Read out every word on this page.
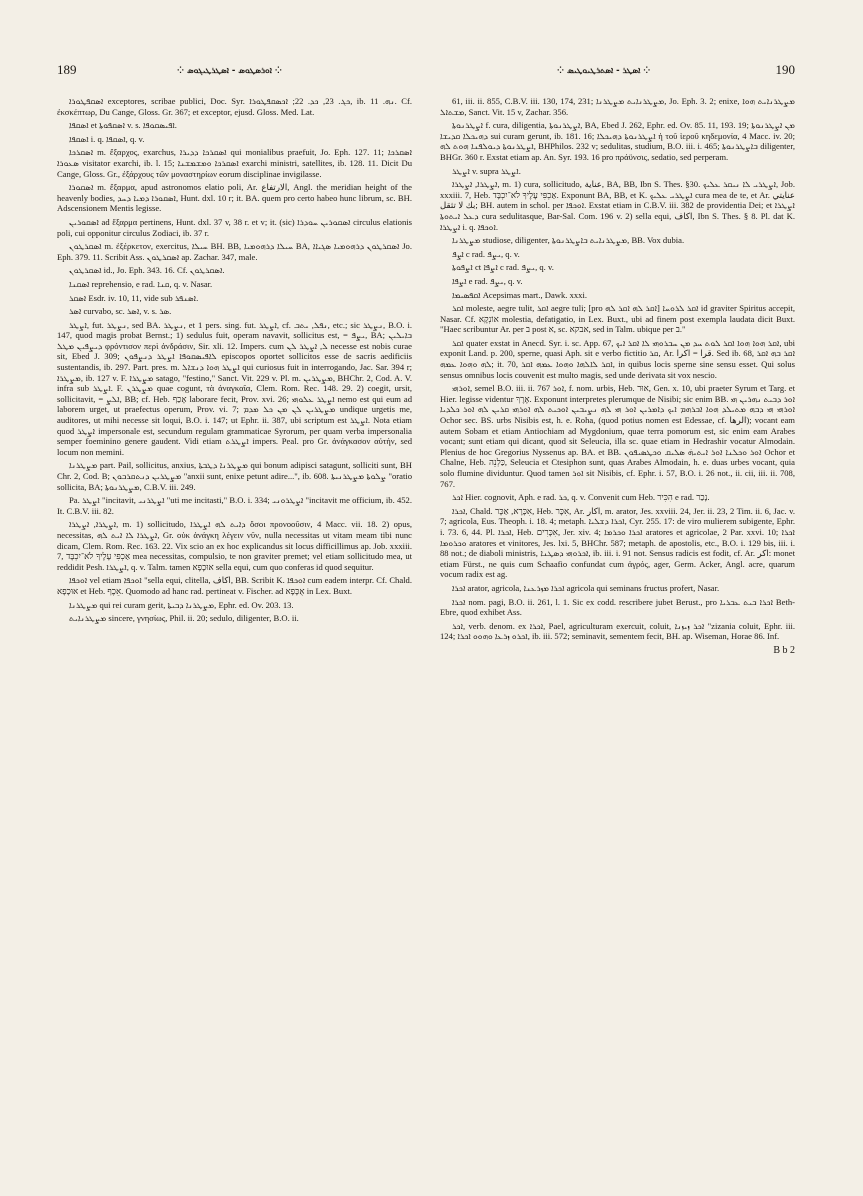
189	⁘ ܐܘܪܣܛܘܣ - ܐܣܛܪܛܝܓܘܣ ⁘	⁘ ܐܣܛܪ - ܐܣܬܪܛܝܘܛܝܣ ⁘	190

ܐܣܩܦܛܘܪܐ exceptores, scribae publici, Doc. Syr. ܟܓ. 23, ܟܕ. 22; ܐܟܣܩܦܛܘܪܐ, ib. ܢܗ. 11. Cf. ἐκσκέπτωρ, Du Cange, Gloss. Gr. 367; et exceptor, ejusd. Gloss. Med. Lat.

ܐܣܩܦܐ et ܐܣܩܦܘܬܐ v. s. ܐܦܝܣܩܘܦܐ.

ܐܣܩܦܐ i. q. ܐܣܩܦܐ, q. v.

ܐܣܩܪܟܐ m. ἔξαρχος, exarchus, ܐܣܩܪܟܐ ܕܕܝܪܐ qui monialibus praefuit, Jo. Eph. 127. 11; ܐܣܩܪܟܐ ܣܥܘܪܐ visitator exarchi, ib. l. 15; ܐܣܩܪܟܐ ܘܡܫܡܫܢܐ exarchi ministri, satellites, ib. 128. 11. Dicit Du Cange, Gloss. Gr., ἐξάρχους τῶν μοναστηρίων eorum disciplinae invigilasse.

ܐܣܩܘܪܐ m. ἔξαρμα, apud astronomos elatio poli, Ar. الارتفاع, Angl. the meridian height of the heavenly bodies, ܐܣܩܘܪܐ ܕܡܝܐ ܕܚܕ, Hunt. dxl. 10 r; it. BA. quem pro certo habeo hunc librum, sc. BH. Adscensionem Mentis legisse.

ܐܣܩܘܪܝܢ ad ἔξαρμα pertinens, Hunt. dxl. 37 v, 38 r. et v; it. (sic) ܐܣܩܘܪܝܢ ܚܘܕܪܐ circulus elationis poli, cui opponitur circulus Zodiaci, ib. 37 r.

ܐܣܩܪܛܘܢ m. ἐξέρκετον, exercitus, ܚܝܠܐ BH. BB, ܚܝܠܐ ܕܪܗܘܡܝܐ BA, ܐܣܩܪܛܘܢ ܕܪܗܘܡܝܐ ܣܓܝܐܐ Jo. Eph. 379. 11. Scribit Ass. ܐܣܩܪܛܘܢ ap. Zachar. 347, male.

ܐܣܩܪܛܘܢ id., Jo. Eph. 343. 16. Cf. ܐܣܩܪܛܘܢ.

ܐܣܩܢܐ reprehensio, e rad. ܩܢܐ, q. v. Nasar.

ܐܣܩܪ Esdr. iv. 10, 11, vide sub ܐܣܢܦܪ.

ܐܣܪ curvabo, sc. ܐܣܪ, v. s. ܣܪ.

ܐܨܛܪ, fut. ܢܨܛܪ, sed BA. ܢܨܛܪ, et 1 pers. sing. fut. ܐܨܛܪ, cf. ܢܦܠ, ܝܬܒ, etc.; sic ܢܨܛܪ, B.O. i. 147, quod magis probat Bernst.; 1) sedulus fuit, operam navavit, sollicitus est, = ܝܨܦ, BA; ܒܐܝܠܝܢ ܕܝܨܦܝܢ ܡܛܠ φρόντισον περὶ ἀνδράσιν, Sir. xli. 12. Impers. cum ܠ, ܐܨܛܪ ܠܢ necesse est nobis curae sit, Ebed J. 309; ܠܐܦܝܣܩܘܦܐ ܐܨܛܪ ܕܢܨܦܘܢ episcopos oportet sollicitos esse de sacris aedificiis sustentandis, ib. 297. Part. pres. m. ܐܨܛܪ ܗܘܐ ܕܢܫܐܠ qui curiosus fuit in interrogando, Jac. Sar. 394 r; ܡܨܛܪܐ, ib. 127 v. F. ܡܨܛܪܐ satago, "festino," Sanct. Vit. 229 v. Pl. m. ܡܨܛܪܝܢ, BHChr. 2, Cod. A. V. infra sub ܐܨܛܪ. F. ܡܨܛܪܢ quae cogunt, τὰ ἀναγκαῖα, Clem. Rom. Rec. 148. 29. 2) coegit, ursit, sollicitavit, = ܐܠܨ, BB; cf. Heb. אָכַף laborare fecit, Prov. xvi. 26; ܐܨܛܪ ܥܠܘܗܝ nemo est qui eum ad laborem urget, ut praefectus operum, Prov. vi. 7; ܡܨܛܪܝܢ ܠܢ ܡܢ ܟܠ ܡܕܡ undique urgetis me, auditores, ut mihi necesse sit loqui, B.O. i. 147; ut Ephr. ii. 387, ubi scriptum est ܐܨܛܪ. Nota etiam quod ܐܨܛܪ impersonale est, secundum regulam grammaticae Syrorum, per quam verba impersonalia semper foeminino genere gaudent. Vidi etiam ܐܨܛܪܬ impers. Peal. pro Gr. ἀνάγκασον αὐτήν, sed locum non memini.

ܡܨܛܪܢܐ part. Pail, sollicitus, anxius, ܡܨܛܪܢܐ ܕܛܒܬܐ qui bonum adipisci satagunt, solliciti sunt, BH Chr. 2, Cod. B; ܡܨܛܪܝܢ ܕܢܬܩܪܒܘܢ "anxii sunt, enixe petunt adire...", ib. 608. ܨܠܘܬܐ ܡܨܛܪܢܝܬܐ "oratio sollicita, BA; ܡܨܛܪܢܘܬܐ, C.B.V. iii. 249.

Pa. ܐܨܛܪ "incitavit, ܐܨܛܪܢܝ "uti me incitasti," B.O. i. 334; ܐܨܛܪܘܢܝ "incitavit me officium, ib. 452. It. C.B.V. iii. 82.

ܐܨܛܪܐ, ܐܨܛܪܐ, m. 1) sollicitudo, ܕܐܝܬ ܠܗ ܐܨܛܪܐ ὅσοι προνοοῦσιν, 4 Macc. vii. 18. 2) opus, necessitas, ܐܨܛܪܐ ܠܐ ܐܝܬ ܠܗ, Gr. οὐκ ἀνάγκη λέγειν νῦν, nulla necessitas ut vitam meam tibi nunc dicam, Clem. Rom. Rec. 163. 22. Vix scio an ex hoc explicandus sit locus difficillimus ap. Job. xxxiii. 7, אַכְפִּי עָלֶיךָ לֹא־יִכְבָּד mea necessitas, compulsio, te non graviter premet; vel etiam sollicitudo mea, ut reddidit Pesh. ܐܨܛܪܐ, q. v. Talm. tamen אוּכָפָא sella equi, cum quo conferas id quod sequitur.

ܐܘܟܦܐ vel etiam ܐܘܟܦܐ "sella equi, clitella, اكاف, BB. Scribit K. ܐܘܟܦܐ cum eadem interpr. Cf. Chald. אוּכָפָא et Heb. אֵכֶף. Quomodo ad hanc rad. pertineat v. Fischer. ad אֻכָּפָא in Lex. Buxt.

ܡܨܛܪܢܐ qui rei curam gerit, ܡܨܛܪܢܐ ܕܒܝܬܐ, Ephr. ed. Ov. 203. 13.

ܡܨܛܪܢܐܝܬ sincere, γνησίως, Phil. ii. 20; sedulo, diligenter, B.O. ii.

61, iii. ii. 855, C.B.V. iii. 130, 174, 231; ܡܨܛܪܢܐܝܬ ܡܨܛܪܢܐ, Jo. Eph. 3. 2; enixe, ܡܨܛܪܢܐܝܬ ܗܘܐ ܡܫܬܐܠ, Sanct. Vit. 15 v, Zachar. 356.

ܐܨܛܪܢܘܬܐ f. cura, diligentia, ܐܨܛܪܢܘܬܐ, BA, Ebed J. 262, Ephr. ed. Ov. 85. 11, 193. 19; ܡܢ ܐܨܛܪܢܘܬܐ ܕܗܝܟܠܐ ܩܕܝܫܐ sui curam gerunt, ib. 181. 16; ܐܨܛܪܢܘܬܐ ܕܗܝܟܠܐ ἡ τοῦ ἱεροῦ κηδεμονία, 4 Macc. iv. 20; ܐܨܛܪܢܘܬܐ ܕܝܘܠܦܢܐ ܗܘܬ ܠܗ, BHPhilos. 232 v; sedulitas, studium, B.O. iii. i. 465; ܒܐܨܛܪܢܘܬܐ diligenter, BHGr. 360 r. Exstat etiam ap. An. Syr. 193. 16 pro πράϋνσις, sedatio, sed perperam.

ܐܨܛܪ v. supra ܐܨܛܪ.

ܐܨܛܪܐ, ܐܨܛܪܐ, m. 1) cura, sollicitudo, عناية, BA, BB, Ibn S. Thes. §30. ܐܨܛܪܝ ܠܐ ܢܝܩܪ ܥܠܝܟ, Job. xxxiii. 7, Heb. אַכְפִּי עָלֶיךָ לֹא־יִכְבָּד. Exponunt BA, BB, et K. ܐܨܛܪܝ ܥܠܝܟ cura mea de te, et Ar. عنايتي بك لا تثقل; BH. autem in schol. per ܐܘܟܦܐ. Exstat etiam in C.B.V. iii. 382 de providentia Dei; et ܐܨܛܪܐ ܕܥܠ ܐܝܬܘܬܐ cura sedulitasque, Bar-Sal. Com. 196 v. 2) sella equi, اكاف, Ibn S. Thes. § 8. Pl. dat K. ܐܨܛܪܐ i. q. ܐܘܟܦܐ.

ܡܨܛܪܢܐ studiose, diligenter, ܡܨܛܪܢܐܝܬ ܒܐܨܛܪܢܘܬܐ, BB. Vox dubia.

ܐܨܦ c rad. ܝܨܦ, q. v.

ܐܨܦܘܬܐ ct ܐܨܦܐ c rad. ܝܨܦ, q. v.

ܐܨܦܐ e rad. ܝܨܦ, q. v.

ܐܩܦܣܝܡܐ Acepsimas mart., Dawk. xxxi.

ܐܩܪ moleste, aegre tulit, ܐܩܪ aegre tuli; [pro ܐܩܪ ܠܗ ܐܩܪ ܠܗ] ܐܩܪ ܠܪܘܚܐ id graviter Spiritus accepit, Nasar. Cf. אוֹנְקָא molestia, defatigatio, in Lex. Buxt., ubi ad finem post exempla laudata dicit Buxt. "Haec scribuntur Ar. per ב post א, sc. אבקא, sed in Talm. ubique per ב."

ܐܩܪ quater exstat in Anecd. Syr. i. sc. App. 67, ܐܩܪ ܗܘܐ ܗܘܐ ܐܩܪ ܠܘܬ ܚܕ ܡܢ ܚܒܪܘܗܝ ܠܐ ܐܩܪ ܐܝܟ, ubi exponit Land. p. 200, sperne, quasi Aph. sit e verbo fictitio ܩܪ, Ar. قرا = اكرا. Sed ib. 68, ܐܩܪ ܒܗ ܐܩܪ ܠܗ ܘܗܘܐ ܥܡܗ; it. 70, ܐܩܪ ܠܐܠܗܐ ܘܗܘܐ ܥܡܗ ܐܩܪ, in quibus locis sperne sine sensu esset. Qui solus sensus omnibus locis couvenit est multo magis, sed unde derivata sit vox nescio.

ܐܘܪܗܝ, semel B.O. iii. ii. 767 ܐܘܪ, f. nom. urbis, Heb. אוּר, Gen. x. 10, ubi praeter Syrum et Targ. et Hier. legisse videntur אֶרֶךְ. Exponunt interpretes plerumque de Nisibi; sic enim BB. ܐܘܪ ܕܒܝܬ ܢܗܪܝܢ ܗܝ ܐܘܪܗܝ ܗܝ ܕܒܗ ܡܬܝܠܕ ܗܘܐ ܐܒܪܗܡ ܐܝܟ ܕܐܡܪܝܢ ܐܘܪ ܗܝ ܠܗ ܢܨܝܒܝܢ ܐܘܟܝܬ ܠܗ ܐܘܪܗܝ ܩܪܝܢ ܠܗ ܐܘܪ ܟܠܕܝܐ Ochor sec. BS. urbs Nisibis est, h. e. Roha, (quod potius nomen est Edessae, cf. الرها); vocant eam autem Sobam et etiam Antiochiam ad Mygdonium, quae terra pomorum est, sic enim eam Arabes vocant; sunt etiam qui dicant, quod sit Seleucia, illa sc. quae etiam in Hedrashir vocatur Almodain. Plenius de hoc Gregorius Nyssenus ap. BA. et BB. ܐܘܪ ܘܟܠܢܐ ܐܘܪ ܐܝܬܝܗ̇ ܣܠܝܩ ܘܟܛܣܝܦܘܢ Ochor et Chalne, Heb. כַּלְנֵה, Seleucia et Ctesiphon sunt, quas Arabes Almodain, h. e. duas urbes vocant, quia solo flumine dividuntur. Quod tamen ܐܘܪ sit Nisibis, cf. Ephr. i. 57, B.O. i. 26 not., ii. cii, iii. ii. 708, 767.

ܐܟܪ Hier. cognovit, Aph. e rad. ܟܪ, q. v. Convenit cum Heb. הִכִּיר e rad. נָכַר.

ܐܟܪܐ, Chald. אִכָּרָא, אַכָּר, Heb. אִכָּר, Ar. اكار, m. arator, Jes. xxviii. 24, Jer. ii. 23, 2 Tim. ii. 6, Jac. v. 7; agricola, Eus. Theoph. i. 18. 4; metaph. ܐܟܪܐ ܕܫܠܝܐ, Cyr. 255. 17: de viro mulierem subigente, Ephr. i. 73. 6, 44. Pl. ܐܟܪܐ, Heb. אִכָּרִים, Jer. xiv. 4; ܐܟܪܐ ܘܟܪܡܐ aratores et agricolae, 2 Par. xxvi. 10; ܐܟܪܐ ܘܟܪܘܡܐ aratores et vinitores, Jes. lxi. 5, BHChr. 587; metaph. de apostolis, etc., B.O. i. 129 bis, iii. i. 88 not.; de diaboli ministris, ܐܟܪܘܗܝ ܕܣܛܢܐ, ib. iii. i. 91 not. Sensus radicis est fodit, cf. Ar. اكر: monet etiam Fürst., ne quis cum Schaafio confundat cum ἀγρός, ager, Germ. Acker, Angl. acre, quarum vocum radix est ag.

ܐܟܪܐ arator, agricola, ܐܟܪܐ ܡܙܪܥܢܐ agricola qui seminans fructus profert, Nasar.

ܐܟܪܐ nom. pagi, B.O. ii. 261, l. 1. Sic ex codd. rescribere jubet Berust., pro ܐܟܪܐ ܒܝܬ ܥܒܪܝܐ Beth-Ebre, quod exhibet Ass.

ܐܟܪ, verb. denom. ex ܐܟܪܐ, Pael, agriculturam exercuit, coluit, ܐܟܪ ܙܝܙܢܐ "zizania coluit, Ephr. iii. 124; ܐܟܪܘ ܙܪܥܐ ܘܗܘܘ ܐܟܪܐ, ib. iii. 572; seminavit, sementem fecit, BH. ap. Wiseman, Horae 86. Inf.

B b 2
